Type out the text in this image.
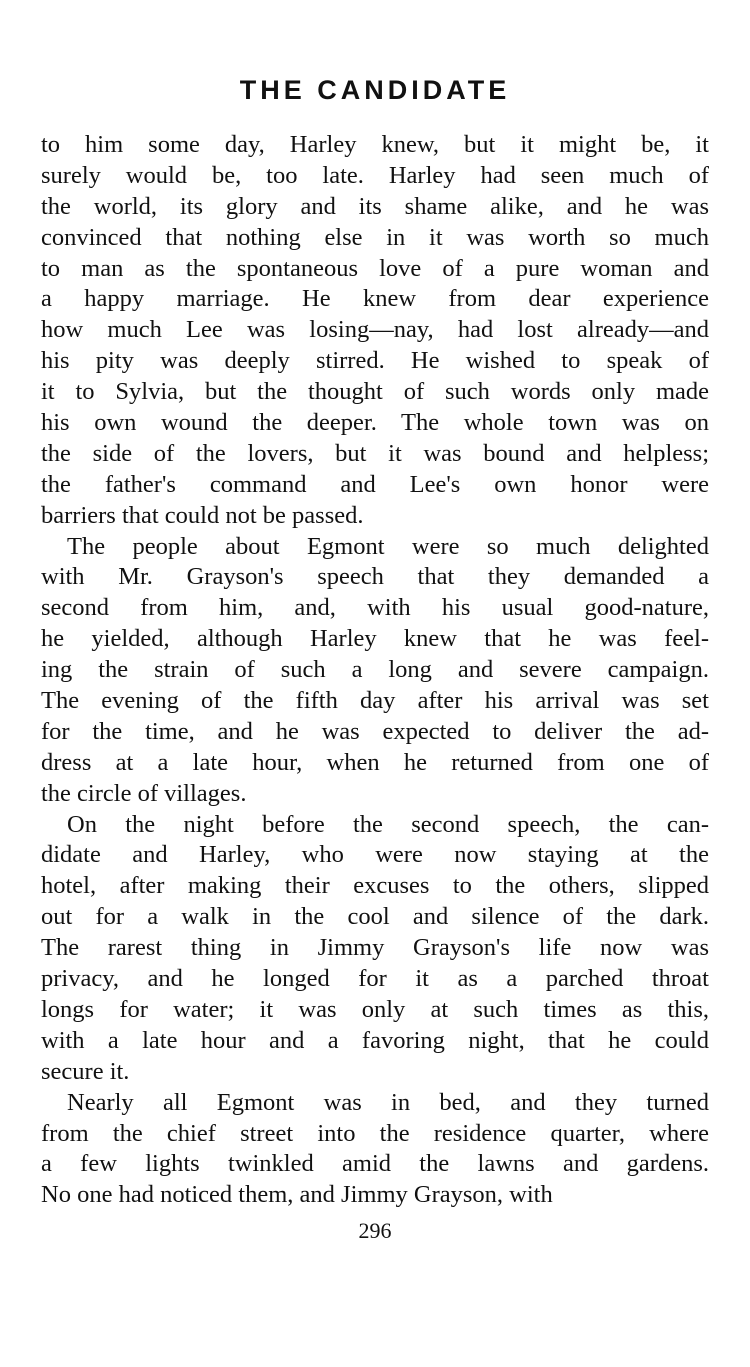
THE CANDIDATE

to him some day, Harley knew, but it might be, it
surely would be, too late. Harley had seen much of
the world, its glory and its shame alike, and he was
convinced that nothing else in it was worth so much
to man as the spontaneous love of a pure woman and
a happy marriage. He knew from dear experience
how much Lee was losing—nay, had lost already—and
his pity was deeply stirred. He wished to speak of
it to Sylvia, but the thought of such words only made
his own wound the deeper. The whole town was on
the side of the lovers, but it was bound and helpless;
the father's command and Lee's own honor were
barriers that could not be passed.

The people about Egmont were so much delighted
with Mr. Grayson's speech that they demanded a
second from him, and, with his usual good-nature,
he yielded, although Harley knew that he was feel-
ing the strain of such a long and severe campaign.
The evening of the fifth day after his arrival was set
for the time, and he was expected to deliver the ad-
dress at a late hour, when he returned from one of
the circle of villages.

On the night before the second speech, the can-
didate and Harley, who were now staying at the
hotel, after making their excuses to the others, slipped
out for a walk in the cool and silence of the dark.
The rarest thing in Jimmy Grayson's life now was
privacy, and he longed for it as a parched throat
longs for water; it was only at such times as this,
with a late hour and a favoring night, that he could
secure it.

Nearly all Egmont was in bed, and they turned
from the chief street into the residence quarter, where
a few lights twinkled amid the lawns and gardens.
No one had noticed them, and Jimmy Grayson, with

296
